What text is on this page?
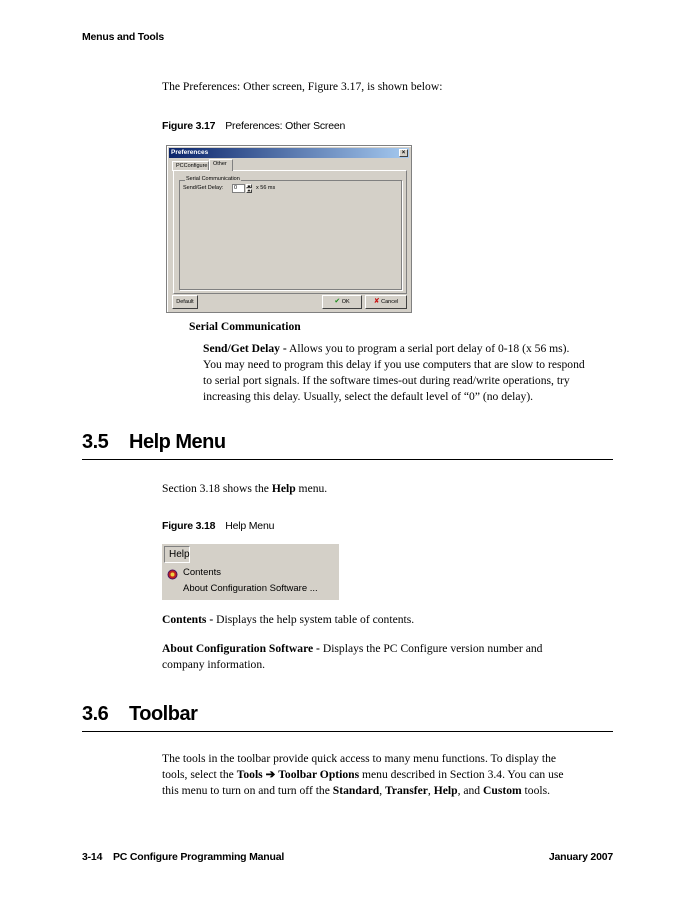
Menus and Tools
The Preferences: Other screen, Figure 3.17, is shown below:
Figure 3.17 Preferences: Other Screen
Preferences	×
PCConfigure	Other
Serial Communication
Send/Get Delay:	0	▲
▼ x 56 ms
Default	✔ OK	✘ Cancel
Serial Communication
Send/Get Delay - Allows you to program a serial port delay of 0-18 (x 56 ms).
You may need to program this delay if you use computers that are slow to respond
to serial port signals. If the software times-out during read/write operations, try
increasing this delay. Usually, select the default level of “0” (no delay).
3.5 Help Menu
Section 3.18 shows the Help menu.
Figure 3.18 Help Menu
Help
Contents
About Configuration Software ...
Contents - Displays the help system table of contents.
About Configuration Software - Displays the PC Configure version number and
company information.
3.6 Toolbar
The tools in the toolbar provide quick access to many menu functions. To display the
tools, select the Tools ➔ Toolbar Options menu described in Section 3.4. You can use
this menu to turn on and turn off the Standard, Transfer, Help, and Custom tools.
3-14 PC Configure Programming Manual	January 2007
